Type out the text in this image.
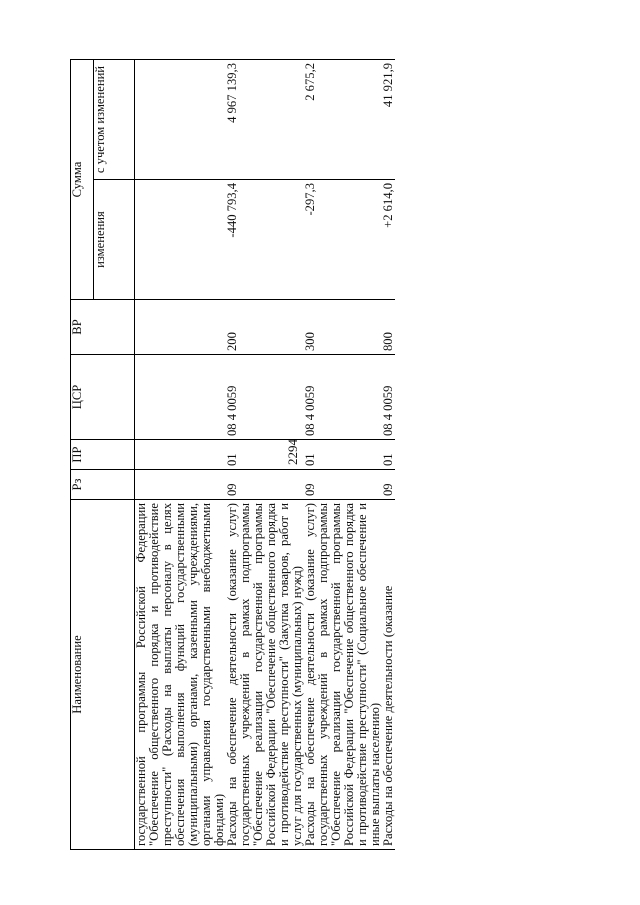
2294
Наименование	Рз	ПР	ЦСР	ВР	Сумма	
					изменения	с учетом изменений
государственной программы Российской Федерации "Обеспечение общественного порядка и противодействие преступности" (Расходы на выплаты персоналу в целях обеспечения выполнения функций государственными (муниципальными) органами, казенными учреждениями, органами управления государственными внебюджетными фондами)						
Расходы на обеспечение деятельности (оказание услуг) государственных учреждений в рамках подпрограммы "Обеспечение реализации государственной программы Российской Федерации "Обеспечение общественного порядка и противодействие преступности" (Закупка товаров, работ и услуг для государственных (муниципальных) нужд)	09	01	08 4 0059	200	-440 793,4	4 967 139,3
Расходы на обеспечение деятельности (оказание услуг) государственных учреждений в рамках подпрограммы "Обеспечение реализации государственной программы Российской Федерации "Обеспечение общественного порядка и противодействие преступности" (Социальное обеспечение и иные выплаты населению)	09	01	08 4 0059	300	-297,3	2 675,2
Расходы на обеспечение деятельности (оказание	09	01	08 4 0059	800	+2 614,0	41 921,9
